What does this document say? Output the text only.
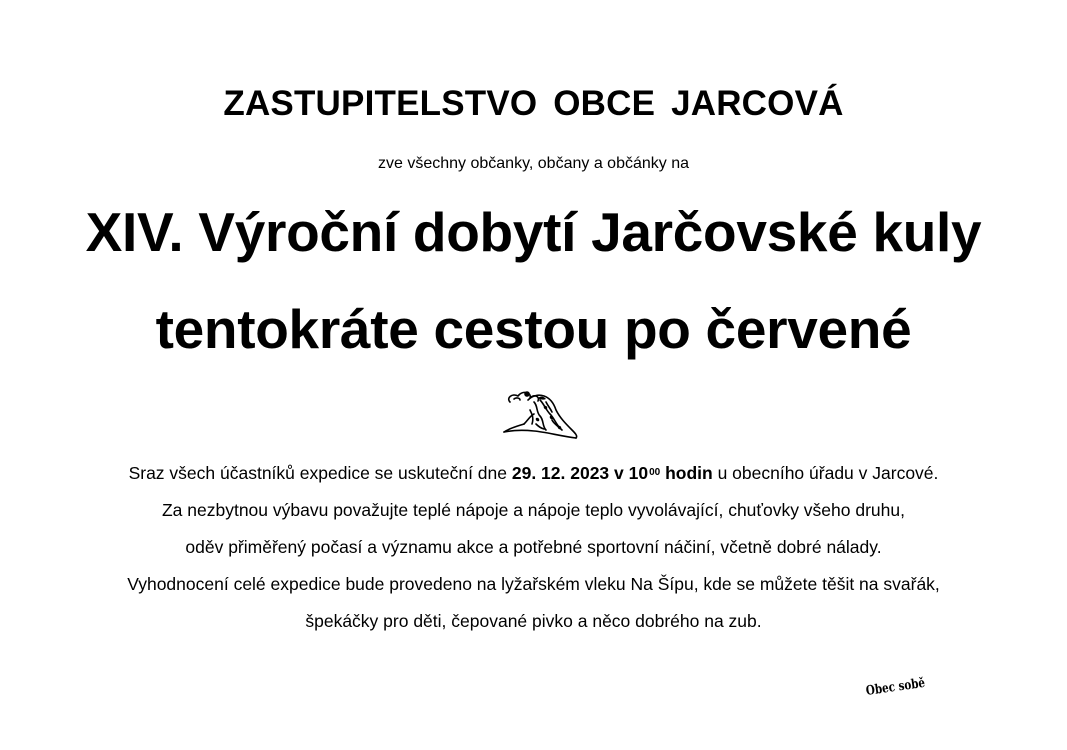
ZASTUPITELSTVO OBCE JARCOVÁ
zve všechny občanky, občany a občánky na
XIV. Výroční dobytí Jarčovské kuly
tentokráte cestou po červené
Sraz všech účastníků expedice se uskuteční dne 29. 12. 2023 v $10^{00}$ hodin u obecního úřadu v Jarcové.
Za nezbytnou výbavu považujte teplé nápoje a nápoje teplo vyvolávající, chuťovky všeho druhu,
oděv přiměřený počasí a významu akce a potřebné sportovní náčiní, včetně dobré nálady.
Vyhodnocení celé expedice bude provedeno na lyžařském vleku Na Šípu, kde se můžete těšit na svařák,
špekáčky pro děti, čepované pivko a něco dobrého na zub.
Obec sobě
